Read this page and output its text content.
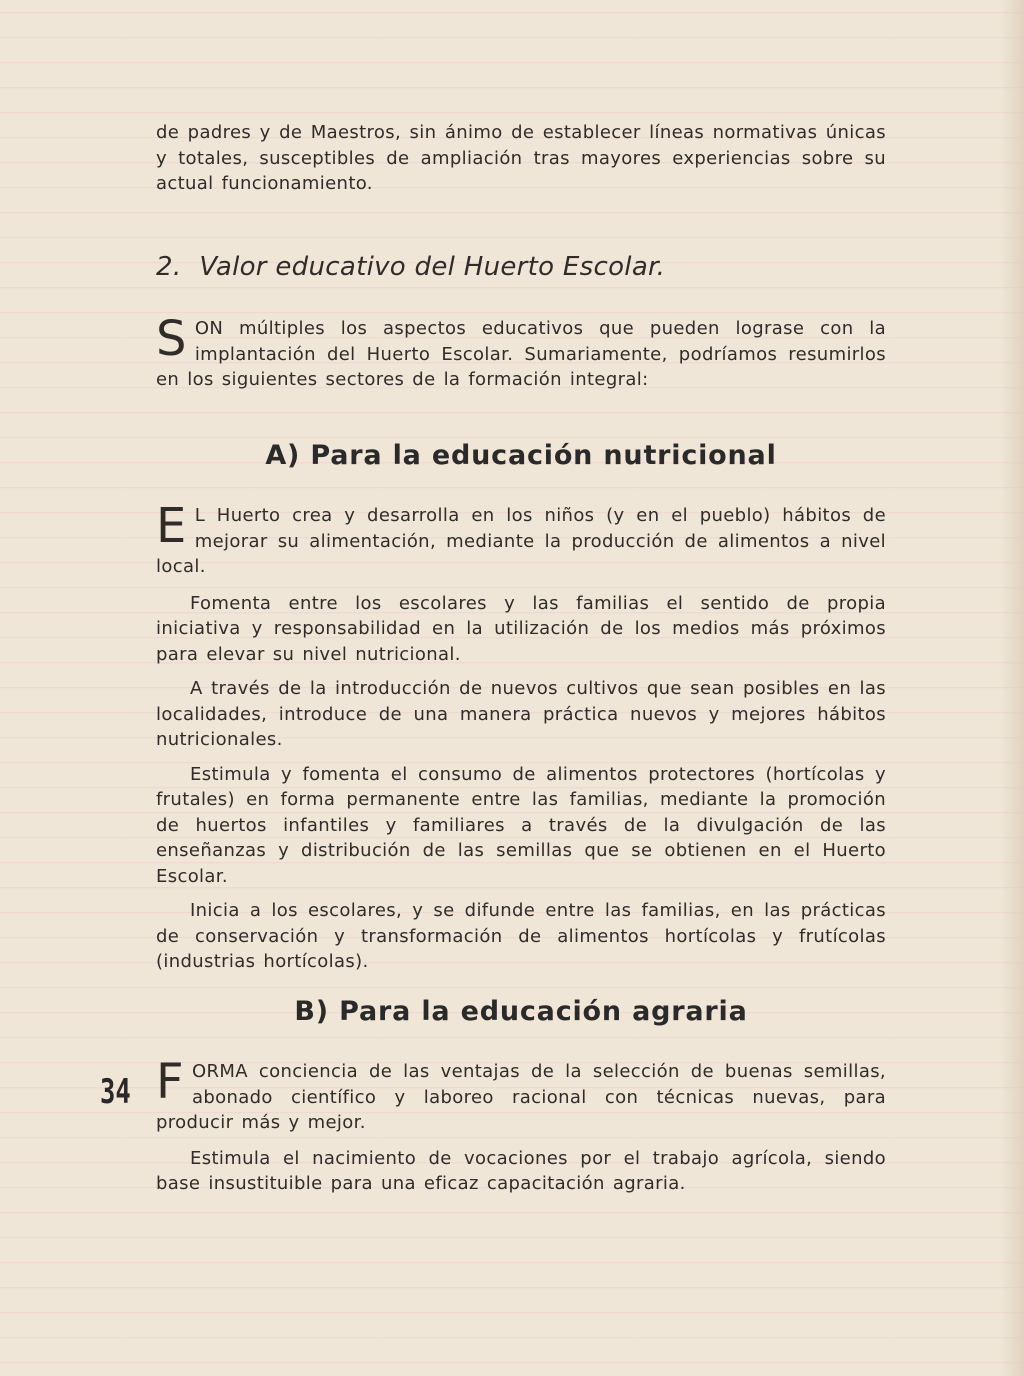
de padres y de Maestros, sin ánimo de establecer líneas normativas únicas y totales, susceptibles de ampliación tras mayores experiencias sobre su actual funcionamiento.

2. Valor educativo del Huerto Escolar.

SON múltiples los aspectos educativos que pueden lograse con la implantación del Huerto Escolar. Sumariamente, podríamos resumirlos en los siguientes sectores de la formación integral:

A) Para la educación nutricional

E L Huerto crea y desarrolla en los niños (y en el pueblo) hábitos de mejorar su alimentación, mediante la producción de alimentos a nivel local.

Fomenta entre los escolares y las familias el sentido de propia iniciativa y responsabilidad en la utilización de los medios más próximos para elevar su nivel nutricional.

A través de la introducción de nuevos cultivos que sean posibles en las localidades, introduce de una manera práctica nuevos y mejores hábitos nutricionales.

Estimula y fomenta el consumo de alimentos protectores (hortícolas y frutales) en forma permanente entre las familias, mediante la promoción de huertos infantiles y familiares a través de la divulgación de las enseñanzas y distribución de las semillas que se obtienen en el Huerto Escolar.

Inicia a los escolares, y se difunde entre las familias, en las prácticas de conservación y transformación de alimentos hortícolas y frutícolas (industrias hortícolas).

B) Para la educación agraria

FORMA conciencia de las ventajas de la selección de buenas semillas, abonado científico y laboreo racional con técnicas nuevas, para producir más y mejor.

Estimula el nacimiento de vocaciones por el trabajo agrícola, siendo base insustituible para una eficaz capacitación agraria.

34
